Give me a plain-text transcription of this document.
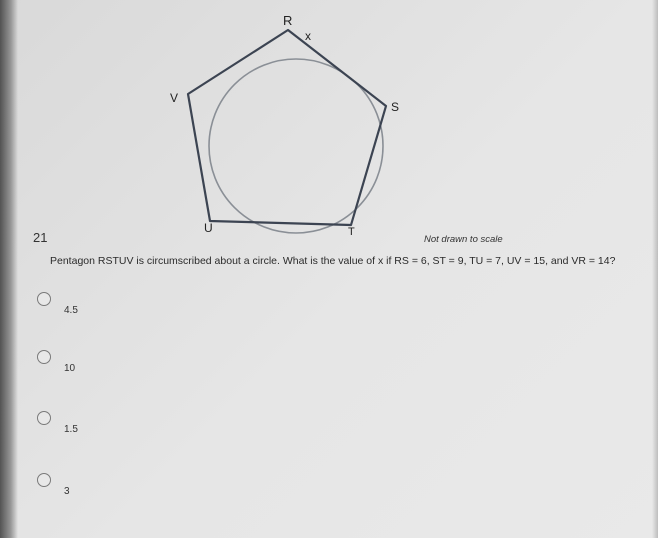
R
x
S
T
U
V
21	Not drawn to scale
Pentagon RSTUV is circumscribed about a circle. What is the value of x if RS = 6, ST = 9, TU = 7, UV = 15, and VR = 14?
4.5
10
1.5
3
